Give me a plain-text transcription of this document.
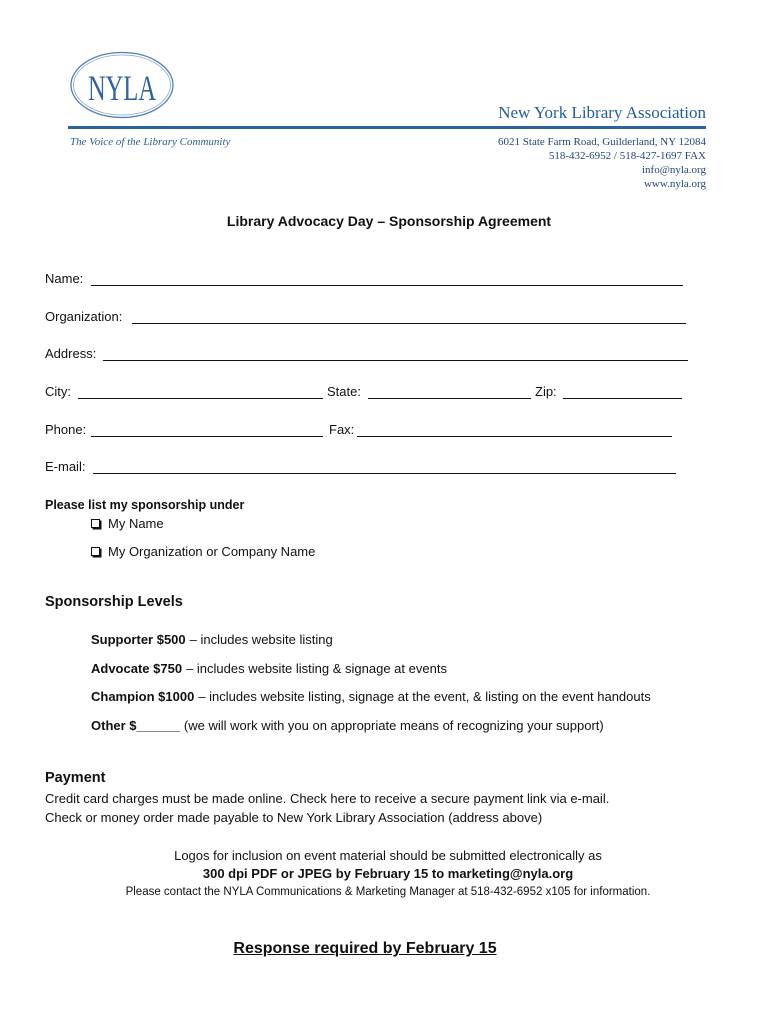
NYLA
New York Library Association
The Voice of the Library Community	6021 State Farm Road, Guilderland, NY 12084
518-432-6952 / 518-427-1697 FAX
info@nyla.org
www.nyla.org
Library Advocacy Day – Sponsorship Agreement
Name:
Organization:
Address:
City:	State:	Zip:
Phone:	Fax:
E-mail:
Please list my sponsorship under
My Name
My Organization or Company Name
Sponsorship Levels
Supporter $500 – includes website listing
Advocate $750 – includes website listing & signage at events
Champion $1000 – includes website listing, signage at the event, & listing on the event handouts
Other $______ (we will work with you on appropriate means of recognizing your support)
Payment
Credit card charges must be made online. Check here to receive a secure payment link via e-mail.
Check or money order made payable to New York Library Association (address above)
Logos for inclusion on event material should be submitted electronically as
300 dpi PDF or JPEG by February 15 to marketing@nyla.org
Please contact the NYLA Communications & Marketing Manager at 518-432-6952 x105 for information.
Response required by February 15
